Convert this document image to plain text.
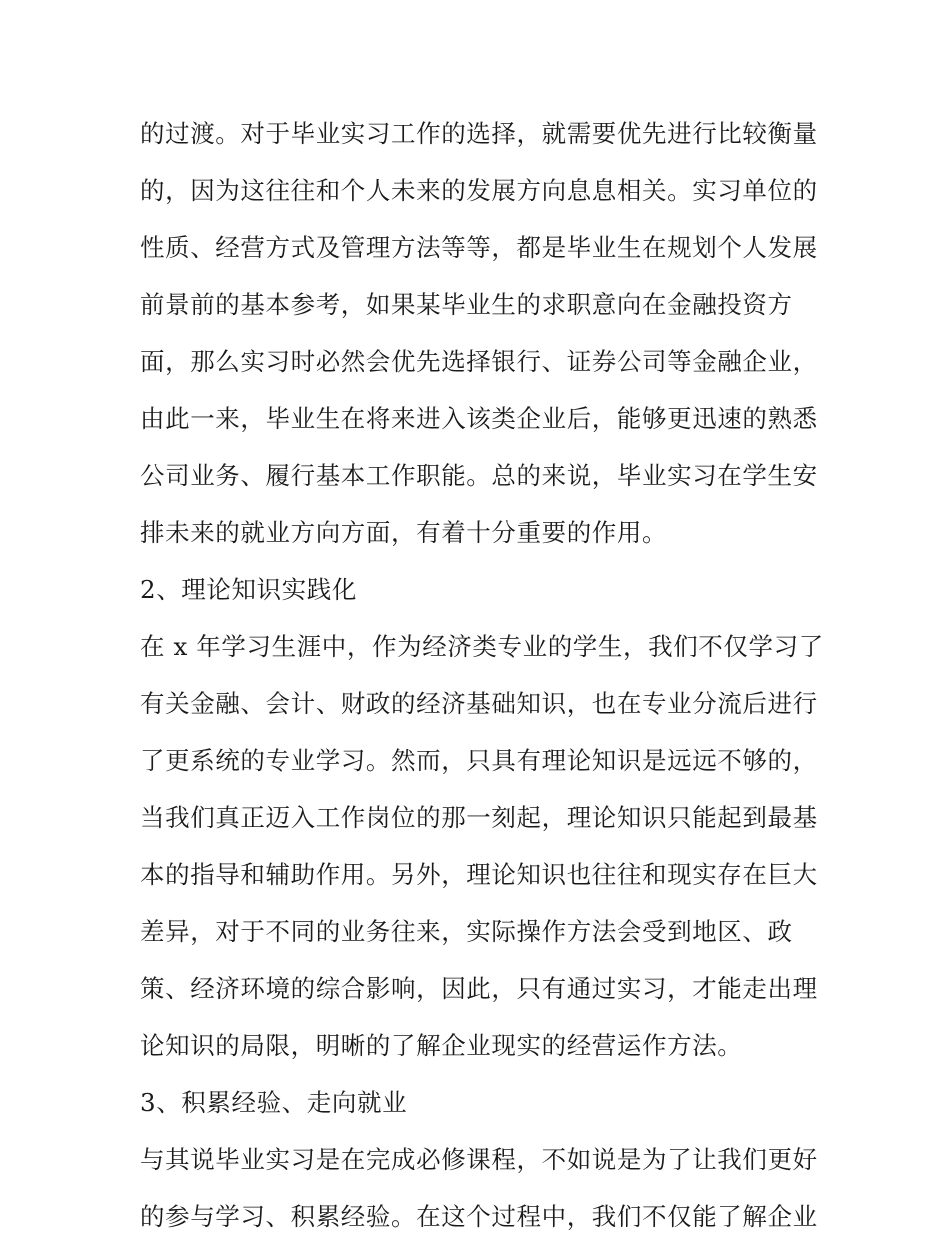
的过渡。对于毕业实习工作的选择，就需要优先进行比较衡量
的，因为这往往和个人未来的发展方向息息相关。实习单位的
性质、经营方式及管理方法等等，都是毕业生在规划个人发展
前景前的基本参考，如果某毕业生的求职意向在金融投资方
面，那么实习时必然会优先选择银行、证券公司等金融企业，
由此一来，毕业生在将来进入该类企业后，能够更迅速的熟悉
公司业务、履行基本工作职能。总的来说，毕业实习在学生安
排未来的就业方向方面，有着十分重要的作用。
2、理论知识实践化
在 x 年学习生涯中，作为经济类专业的学生，我们不仅学习了
有关金融、会计、财政的经济基础知识，也在专业分流后进行
了更系统的专业学习。然而，只具有理论知识是远远不够的，
当我们真正迈入工作岗位的那一刻起，理论知识只能起到最基
本的指导和辅助作用。另外，理论知识也往往和现实存在巨大
差异，对于不同的业务往来，实际操作方法会受到地区、政
策、经济环境的综合影响，因此，只有通过实习，才能走出理
论知识的局限，明晰的了解企业现实的经营运作方法。
3、积累经验、走向就业
与其说毕业实习是在完成必修课程，不如说是为了让我们更好
的参与学习、积累经验。在这个过程中，我们不仅能了解企业
